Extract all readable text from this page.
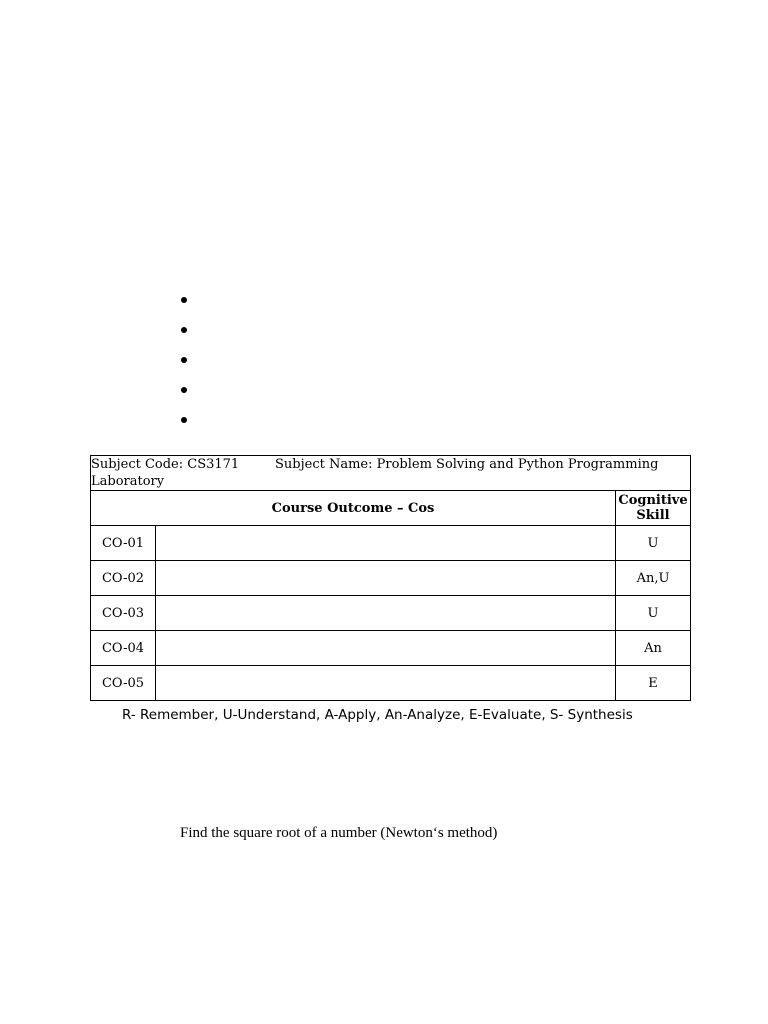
Subject Code: CS3171 Subject Name: Problem Solving and Python Programming
Laboratory		
Course Outcome – Cos		Cognitive
Skill
CO-01		U
CO-02		An,U
CO-03		U
CO-04		An
CO-05		E
R- Remember, U-Understand, A-Apply, An-Analyze, E-Evaluate, S- Synthesis
Find the square root of a number (Newton‘s method)
